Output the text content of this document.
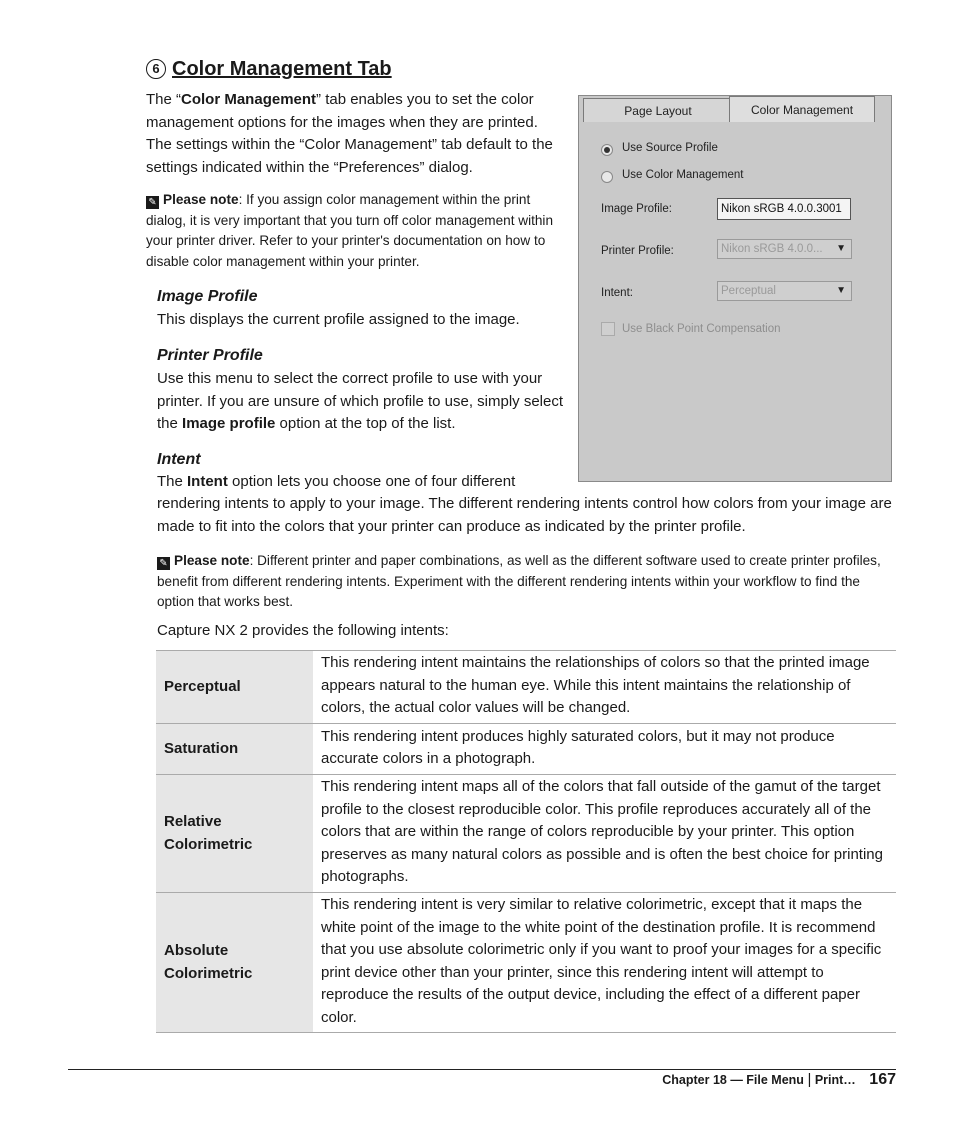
6 Color Management Tab
The “Color Management” tab enables you to set the color management options for the images when they are printed. The settings within the “Color Management” tab default to the settings indicated within the “Preferences” dialog.
✎ Please note: If you assign color management within the print dialog, it is very important that you turn off color management within your printer driver. Refer to your printer's documentation on how to disable color management within your printer.
Image Profile
This displays the current profile assigned to the image.
Printer Profile
Use this menu to select the correct profile to use with your printer. If you are unsure of which profile to use, simply select the Image profile option at the top of the list.
Intent
The Intent option lets you choose one of four different
rendering intents to apply to your image. The different rendering intents control how colors from your image are made to fit into the colors that your printer can produce as indicated by the printer profile.
✎ Please note: Different printer and paper combinations, as well as the different software used to create printer profiles, benefit from different rendering intents. Experiment with the different rendering intents within your workflow to find the option that works best.
Capture NX 2 provides the following intents:
Page Layout	Color Management
Use Source Profile
Use Color Management
Image Profile:	Nikon sRGB 4.0.0.3001
Printer Profile:	Nikon sRGB 4.0.0... ▼
Intent:	Perceptual	▼
Use Black Point Compensation
Perceptual	This rendering intent maintains the relationships of colors so that the printed image appears natural to the human eye. While this intent maintains the relationship of colors, the actual color values will be changed.
Saturation	This rendering intent produces highly saturated colors, but it may not produce accurate colors in a photograph.
Relative Colorimetric	This rendering intent maps all of the colors that fall outside of the gamut of the target profile to the closest reproducible color. This profile reproduces accurately all of the colors that are within the range of colors reproducible by your printer. This option preserves as many natural colors as possible and is often the best choice for printing photographs.
Absolute Colorimetric	This rendering intent is very similar to relative colorimetric, except that it maps the white point of the image to the white point of the destination profile. It is recommend that you use absolute colorimetric only if you want to proof your images for a specific print device other than your printer, since this rendering intent will attempt to reproduce the results of the output device, including the effect of a different paper color.
Chapter 18 — File Menu | Print… 167
